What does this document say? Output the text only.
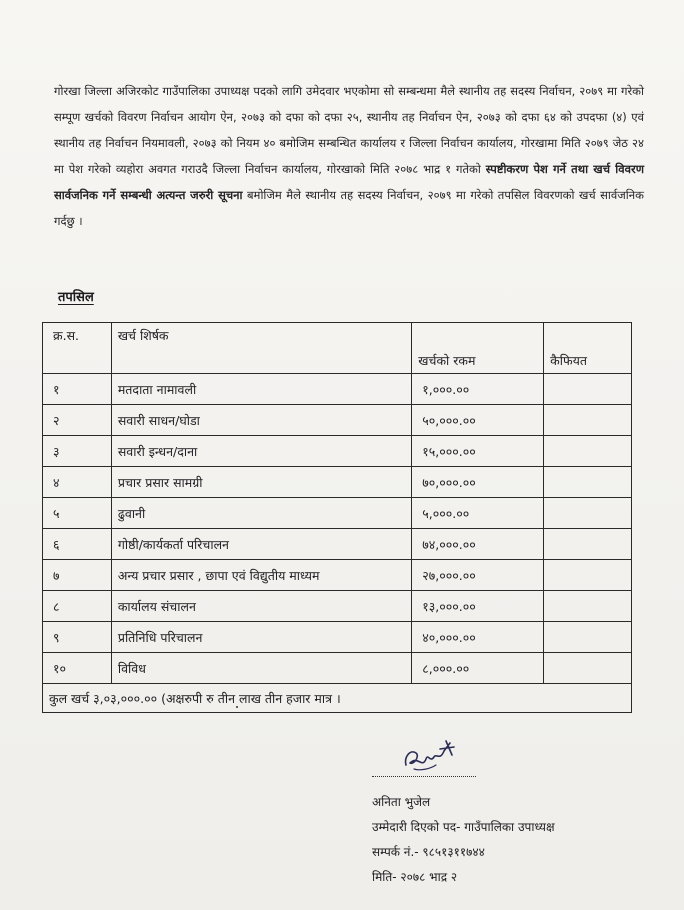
गोरखा जिल्ला अजिरकोट गाउँपालिका उपाध्यक्ष पदको लागि उमेदवार भएकोमा सो सम्बन्धमा मैले स्थानीय तह सदस्य निर्वाचन, २०७९ मा गरेको सम्पूण खर्चको विवरण निर्वाचन आयोग ऐन, २०७३ को दफा को दफा २५, स्थानीय तह निर्वाचन ऐन, २०७३ को दफा ६४ को उपदफा (४) एवं स्थानीय तह निर्वाचन नियमावली, २०७३ को नियम ४० बमोजिम सम्बन्धित कार्यालय र जिल्ला निर्वाचन कार्यालय, गोरखामा मिति २०७९ जेठ २४ मा पेश गरेको व्यहोरा अवगत गराउदै जिल्ला निर्वाचन कार्यालय, गोरखाको मिति २०७८ भाद्र १ गतेको स्पष्टीकरण पेश गर्ने तथा खर्च विवरण सार्वजनिक गर्ने सम्बन्धी अत्यन्त जरुरी सूचना बमोजिम मैले स्थानीय तह सदस्य निर्वाचन, २०७९ मा गरेको तपसिल विवरणको खर्च सार्वजनिक गर्दछु ।

तपसिल
क्र.स.	खर्च शिर्षक	खर्चको रकम	कैफियत
१	मतदाता नामावली	१,०००.००	
२	सवारी साधन/घोडा	५०,०००.००	
३	सवारी इन्धन/दाना	१५,०००.००	
४	प्रचार प्रसार सामग्री	७०,०००.००	
५	ढुवानी	५,०००.००	
६	गोष्ठी/कार्यकर्ता परिचालन	७४,०००.००	
७	अन्य प्रचार प्रसार , छापा एवं विद्युतीय माध्यम	२७,०००.००	
८	कार्यालय संचालन	१३,०००.००	
९	प्रतिनिधि परिचालन	४०,०००.००	
१०	विविध	८,०००.००	
कुल खर्च ३,०३,०००.०० (अक्षरुपी रु तीन लाख तीन हजार मात्र ।			
अनिता भुजेल
उम्मेदारी दिएको पद- गाउँपालिका उपाध्यक्ष
सम्पर्क नं.- ९८५१३११७४४
मिति- २०७८ भाद्र २
